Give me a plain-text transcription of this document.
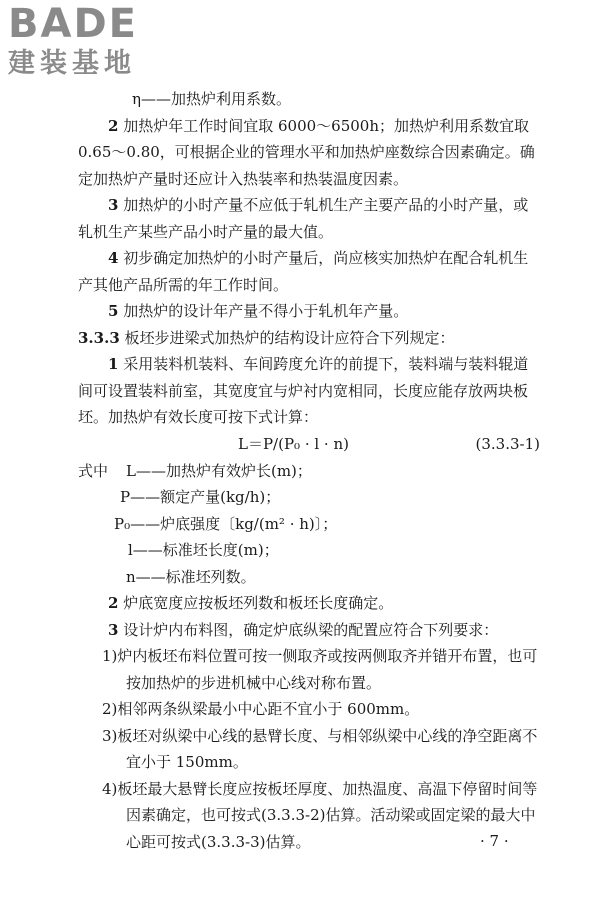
BADE
建装基地

η——加热炉利用系数。

2 加热炉年工作时间宜取 6000～6500h；加热炉利用系数宜取 0.65～0.80，可根据企业的管理水平和加热炉座数综合因素确定。确定加热炉产量时还应计入热装率和热装温度因素。

3 加热炉的小时产量不应低于轧机生产主要产品的小时产量，或轧机生产某些产品小时产量的最大值。

4 初步确定加热炉的小时产量后，尚应核实加热炉在配合轧机生产其他产品所需的年工作时间。

5 加热炉的设计年产量不得小于轧机年产量。

3.3.3 板坯步进梁式加热炉的结构设计应符合下列规定：

1 采用装料机装料、车间跨度允许的前提下，装料端与装料辊道间可设置装料前室，其宽度宜与炉衬内宽相同，长度应能存放两块板坯。加热炉有效长度可按下式计算：

L＝P/(P₀ · l · n)	(3.3.3-1)
式中	L——加热炉有效炉长(m)；
P——额定产量(kg/h)；
P₀——炉底强度〔kg/(m² · h)〕；
l——标准坯长度(m)；
n——标准坯列数。

2 炉底宽度应按板坯列数和板坯长度确定。

3 设计炉内布料图，确定炉底纵梁的配置应符合下列要求：

1)炉内板坯布料位置可按一侧取齐或按两侧取齐并错开布置，也可按加热炉的步进机械中心线对称布置。

2)相邻两条纵梁最小中心距不宜小于 600mm。

3)板坯对纵梁中心线的悬臂长度、与相邻纵梁中心线的净空距离不宜小于 150mm。

4)板坯最大悬臂长度应按板坯厚度、加热温度、高温下停留时间等因素确定，也可按式(3.3.3-2)估算。活动梁或固定梁的最大中心距可按式(3.3.3-3)估算。	· 7 ·
